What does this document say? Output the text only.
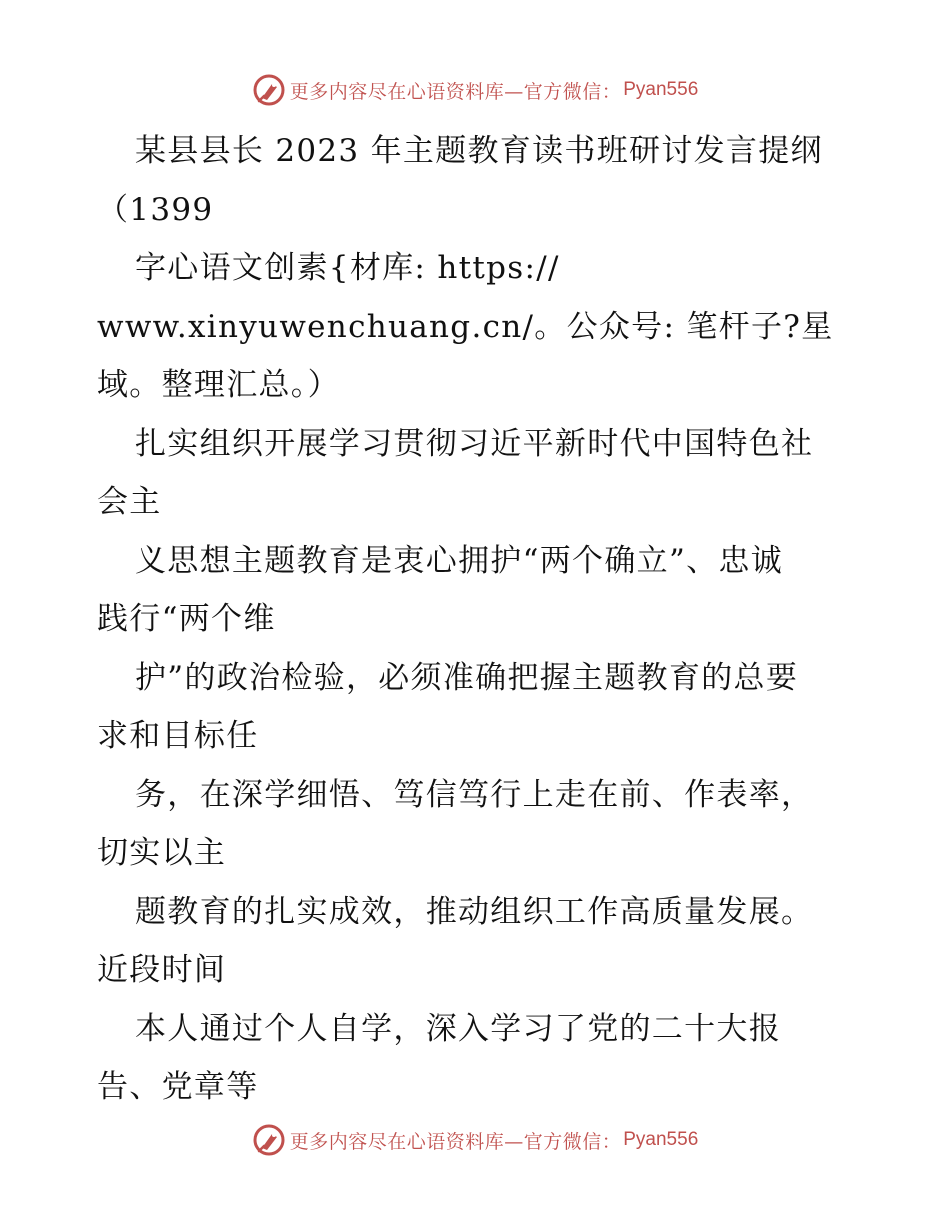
更多内容尽在心语资料库—官方微信： Pyan556
某县县长 2023 年主题教育读书班研讨发言提纲
（1399
字心语文创素{材库: https://
www.xinyuwenchuang.cn/。公众号: 笔杆子?星
域。整理汇总。）
扎实组织开展学习贯彻习近平新时代中国特色社
会主
义思想主题教育是衷心拥护“两个确立”、忠诚
践行“两个维
护”的政治检验，必须准确把握主题教育的总要
求和目标任
务，在深学细悟、笃信笃行上走在前、作表率，
切实以主
题教育的扎实成效，推动组织工作高质量发展。
近段时间
本人通过个人自学，深入学习了党的二十大报
告、党章等
更多内容尽在心语资料库—官方微信： Pyan556
